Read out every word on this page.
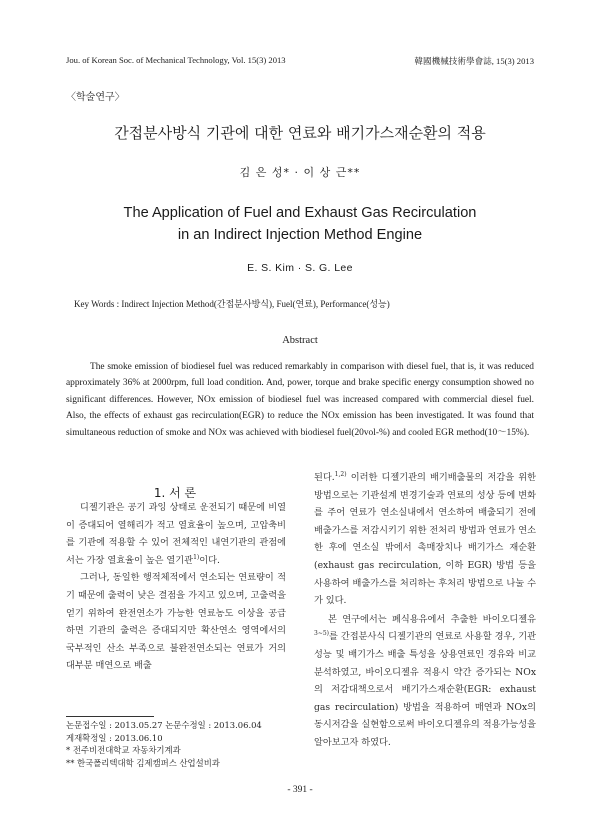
Jou. of Korean Soc. of Mechanical Technology, Vol. 15(3) 2013	韓國機械技術學會誌, 15(3) 2013
〈학술연구〉
간접분사방식 기관에 대한 연료와 배기가스재순환의 적용
김 은 성* · 이 상 근**
The Application of Fuel and Exhaust Gas Recirculation
in an Indirect Injection Method Engine
E. S. Kim · S. G. Lee
Key Words : Indirect Injection Method(간접분사방식), Fuel(연료), Performance(성능)
Abstract

The smoke emission of biodiesel fuel was reduced remarkably in comparison with diesel fuel, that is, it was reduced approximately 36% at 2000rpm, full load condition. And, power, torque and brake specific energy consumption showed no significant differences. However, NOx emission of biodiesel fuel was increased compared with commercial diesel fuel. Also, the effects of exhaust gas recirculation(EGR) to reduce the NOx emission has been investigated. It was found that simultaneous reduction of smoke and NOx was achieved with biodiesel fuel(20vol-%) and cooled EGR method(10～15%).

1. 서 론

디젤기관은 공기 과잉 상태로 운전되기 때문에 비열이 증대되어 열해리가 적고 열효율이 높으며, 고압축비를 기관에 적용할 수 있어 전체적인 내연기관의 관점에서는 가장 열효율이 높은 열기관$^{1)}$이다.

그러나, 동일한 행적체적에서 연소되는 연료량이 적기 때문에 출력이 낮은 결점을 가지고 있으며, 고출력을 얻기 위하여 완전연소가 가능한 연료농도 이상을 공급하면 기관의 출력은 증대되지만 확산연소 영역에서의 국부적인 산소 부족으로 불완전연소되는 연료가 거의 대부분 매연으로 배출

된다.$^{1,2)}$ 이러한 디젤기관의 배기배출물의 저감을 위한 방법으로는 기관설계 변경기술과 연료의 성상 등에 변화를 주어 연료가 연소실내에서 연소하여 배출되기 전에 배출가스를 저감시키기 위한 전처리 방법과 연료가 연소한 후에 연소실 밖에서 촉매장치나 배기가스 재순환(exhaust gas recirculation, 이하 EGR) 방법 등을 사용하여 배출가스를 처리하는 후처리 방법으로 나눌 수가 있다.

본 연구에서는 폐식용유에서 추출한 바이오디젤유$^{3\sim 5)}$를 간접분사식 디젤기관의 연료로 사용할 경우, 기관 성능 및 배기가스 배출 특성을 상용연료인 경유와 비교분석하였고, 바이오디젤유 적용시 약간 증가되는 NOx의 저감대책으로서 배기가스재순환(EGR: exhaust gas recirculation) 방법을 적용하여 매연과 NOx의 동시저감을 실현함으로써 바이오디젤유의 적용가능성을 알아보고자 하였다.

논문접수일 : 2013.05.27 논문수정일 : 2013.06.04
게재확정일 : 2013.06.10
* 전주비전대학교 자동차기계과
** 한국폴리텍대학 김제캠퍼스 산업설비과
- 391 -
